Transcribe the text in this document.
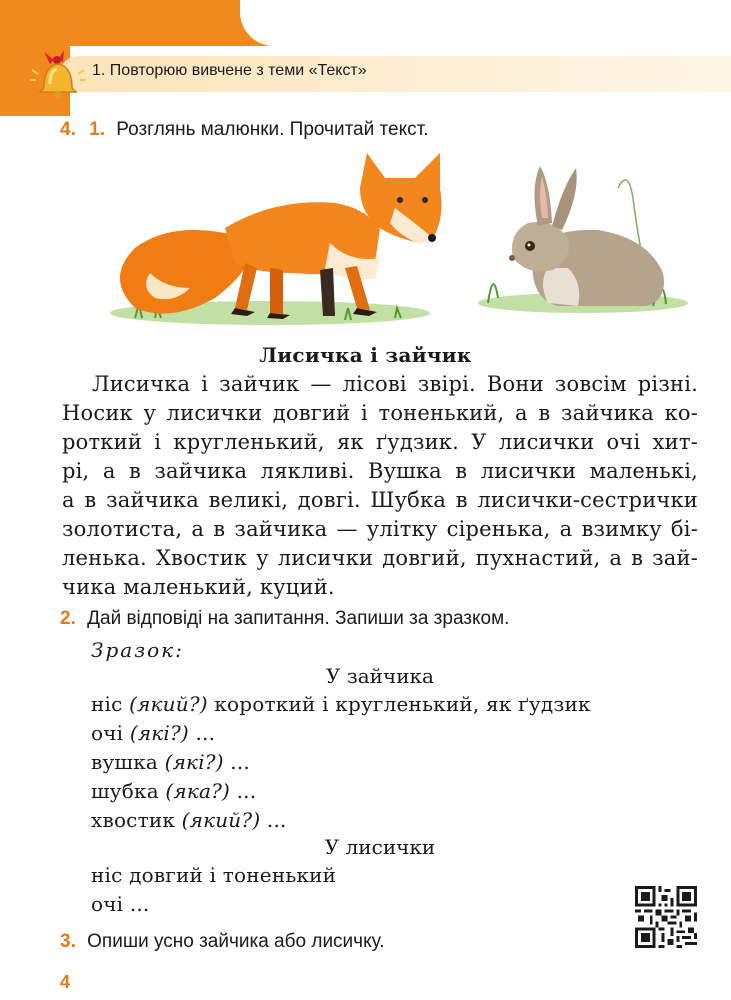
1. Повторюю вивчене з теми «Текст»
4. 1. Розглянь малюнки. Прочитай текст.
Лисичка і зайчик
Лисичка і зайчик — лісові звірі. Вони зовсім різні.
Носик у лисички довгий і тоненький, а в зайчика ко-
роткий і кругленький, як ґудзик. У лисички очі хит-
рі, а в зайчика лякливі. Вушка в лисички маленькі,
а в зайчика великі, довгі. Шубка в лисички-сестрички
золотиста, а в зайчика — улітку сіренька, а взимку бі-
ленька. Хвостик у лисички довгий, пухнастий, а в зай-
чика маленький, куций.
2. Дай відповіді на запитання. Запиши за зразком.
Зразок:
У зайчика
ніс (який?) короткий і кругленький, як ґудзик
очі (які?) ...
вушка (які?) ...
шубка (яка?) ...
хвостик (який?) ...
У лисички
ніс довгий і тоненький
очі ...
3. Опиши усно зайчика або лисичку.
4
